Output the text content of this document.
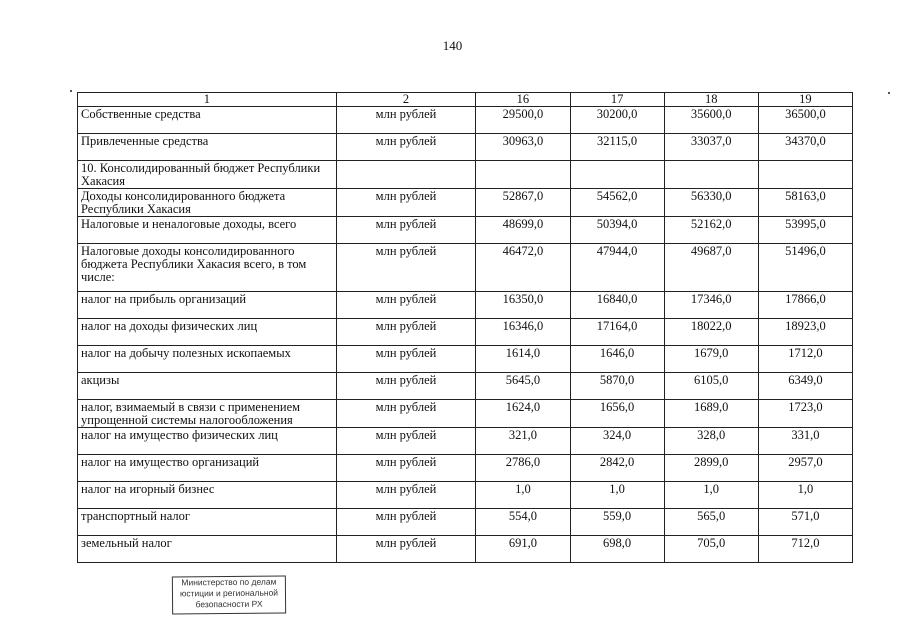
140
1	2	16	17	18	19
Собственные средства	млн рублей	29500,0	30200,0	35600,0	36500,0
Привлеченные средства	млн рублей	30963,0	32115,0	33037,0	34370,0
10. Консолидированный бюджет Республики Хакасия					
Доходы консолидированного бюджета Республики Хакасия	млн рублей	52867,0	54562,0	56330,0	58163,0
Налоговые и неналоговые доходы, всего	млн рублей	48699,0	50394,0	52162,0	53995,0
Налоговые доходы консолидированного бюджета Республики Хакасия всего, в том числе:	млн рублей	46472,0	47944,0	49687,0	51496,0
налог на прибыль организаций	млн рублей	16350,0	16840,0	17346,0	17866,0
налог на доходы физических лиц	млн рублей	16346,0	17164,0	18022,0	18923,0
налог на добычу полезных ископаемых	млн рублей	1614,0	1646,0	1679,0	1712,0
акцизы	млн рублей	5645,0	5870,0	6105,0	6349,0
налог, взимаемый в связи с применением упрощенной системы налогообложения	млн рублей	1624,0	1656,0	1689,0	1723,0
налог на имущество физических лиц	млн рублей	321,0	324,0	328,0	331,0
налог на имущество организаций	млн рублей	2786,0	2842,0	2899,0	2957,0
налог на игорный бизнес	млн рублей	1,0	1,0	1,0	1,0
транспортный налог	млн рублей	554,0	559,0	565,0	571,0
земельный налог	млн рублей	691,0	698,0	705,0	712,0
Министерство по делам
юстиции и региональной
безопасности РХ
